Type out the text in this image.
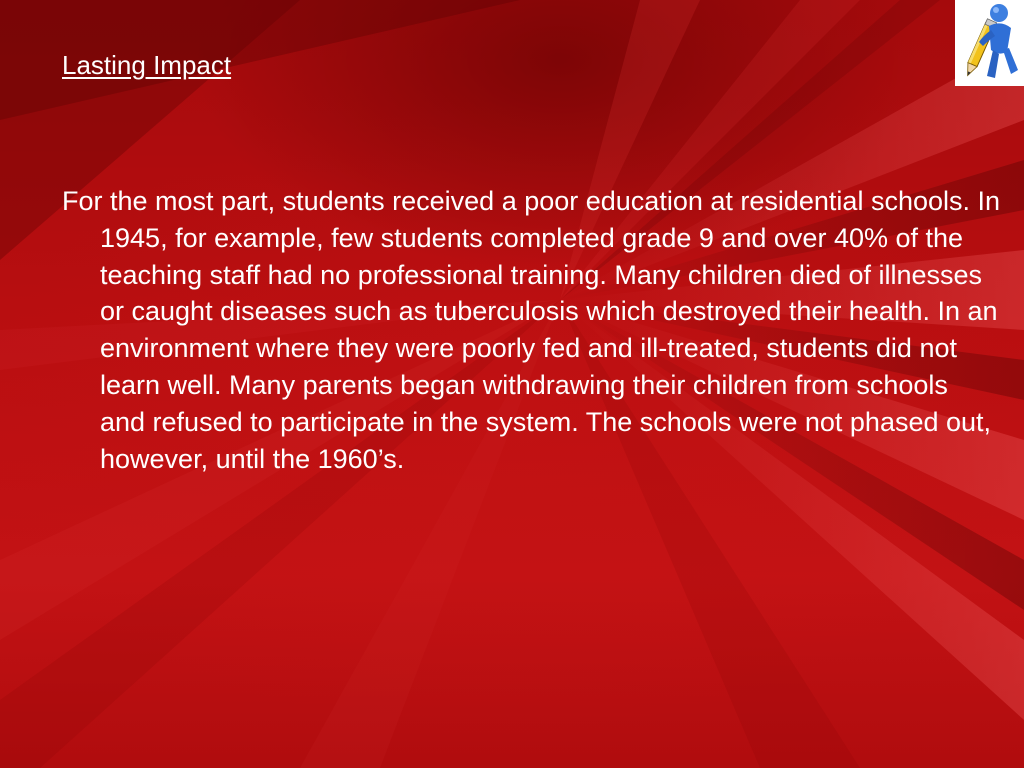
Lasting Impact

For the most part, students received a poor education at residential schools. In 1945, for example, few students completed grade 9 and over 40% of the teaching staff had no professional training. Many children died of illnesses or caught diseases such as tuberculosis which destroyed their health. In an environment where they were poorly fed and ill-treated, students did not learn well. Many parents began withdrawing their children from schools and refused to participate in the system. The schools were not phased out, however, until the 1960’s.
